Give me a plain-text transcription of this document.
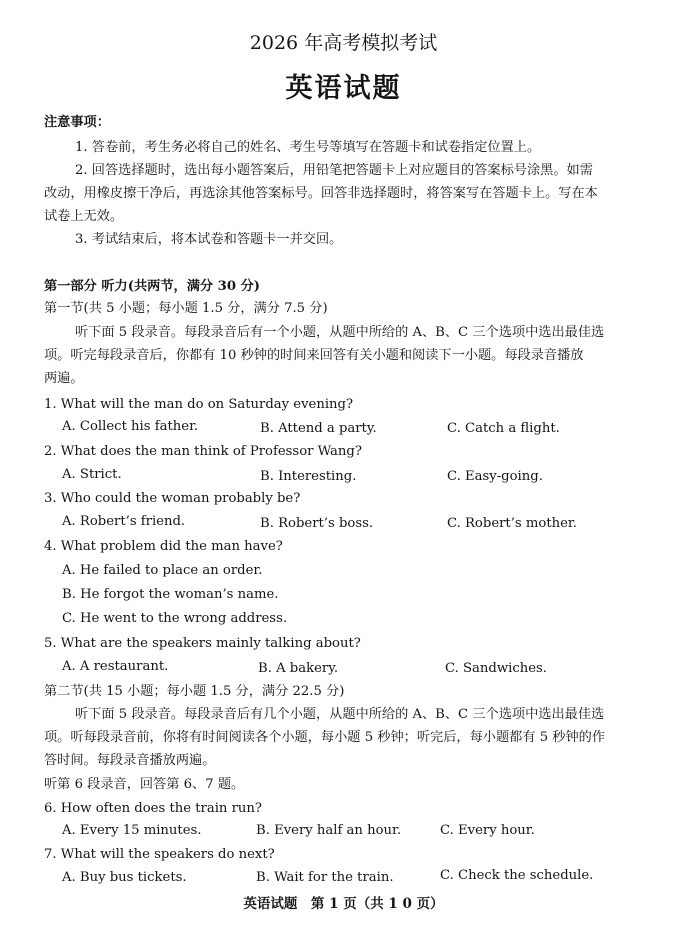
2026 年高考模拟考试
英语试题
注意事项：
1. 答卷前，考生务必将自己的姓名、考生号等填写在答题卡和试卷指定位置上。
2. 回答选择题时，选出每小题答案后，用铅笔把答题卡上对应题目的答案标号涂黑。如需
改动，用橡皮擦干净后，再选涂其他答案标号。回答非选择题时，将答案写在答题卡上。写在本
试卷上无效。
3. 考试结束后，将本试卷和答题卡一并交回。
第一部分 听力(共两节，满分 30 分)
第一节(共 5 小题；每小题 1.5 分，满分 7.5 分)
听下面 5 段录音。每段录音后有一个小题，从题中所给的 A、B、C 三个选项中选出最佳选
项。听完每段录音后，你都有 10 秒钟的时间来回答有关小题和阅读下一小题。每段录音播放
两遍。
1. What will the man do on Saturday evening?
A. Collect his father.	B. Attend a party.	C. Catch a flight.
2. What does the man think of Professor Wang?
A. Strict.	B. Interesting.	C. Easy-going.
3. Who could the woman probably be?
A. Robert’s friend.	B. Robert’s boss.	C. Robert’s mother.
4. What problem did the man have?
A. He failed to place an order.
B. He forgot the woman’s name.
C. He went to the wrong address.
5. What are the speakers mainly talking about?
A. A restaurant.	B. A bakery.	C. Sandwiches.
第二节(共 15 小题；每小题 1.5 分，满分 22.5 分)
听下面 5 段录音。每段录音后有几个小题，从题中所给的 A、B、C 三个选项中选出最佳选
项。听每段录音前，你将有时间阅读各个小题，每小题 5 秒钟；听完后，每小题都有 5 秒钟的作
答时间。每段录音播放两遍。
听第 6 段录音，回答第 6、7 题。
6. How often does the train run?
A. Every 15 minutes.	B. Every half an hour.	C. Every hour.
7. What will the speakers do next?
A. Buy bus tickets.	B. Wait for the train.	C. Check the schedule.
英语试题　第 1 页（共 1 0 页）
